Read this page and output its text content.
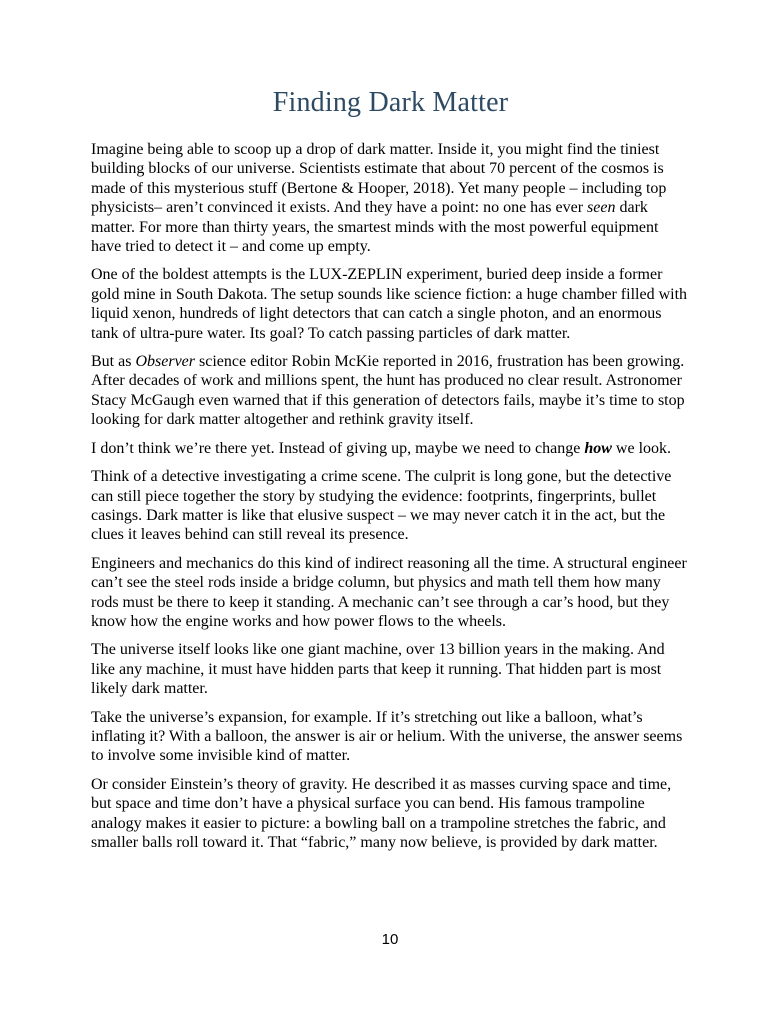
Finding Dark Matter

Imagine being able to scoop up a drop of dark matter. Inside it, you might find the tiniest building blocks of our universe. Scientists estimate that about 70 percent of the cosmos is made of this mysterious stuff (Bertone & Hooper, 2018). Yet many people – including top physicists– aren’t convinced it exists. And they have a point: no one has ever seen dark matter. For more than thirty years, the smartest minds with the most powerful equipment have tried to detect it – and come up empty.

One of the boldest attempts is the LUX-ZEPLIN experiment, buried deep inside a former gold mine in South Dakota. The setup sounds like science fiction: a huge chamber filled with liquid xenon, hundreds of light detectors that can catch a single photon, and an enormous tank of ultra-pure water. Its goal? To catch passing particles of dark matter.

But as Observer science editor Robin McKie reported in 2016, frustration has been growing. After decades of work and millions spent, the hunt has produced no clear result. Astronomer Stacy McGaugh even warned that if this generation of detectors fails, maybe it’s time to stop looking for dark matter altogether and rethink gravity itself.

I don’t think we’re there yet. Instead of giving up, maybe we need to change how we look.

Think of a detective investigating a crime scene. The culprit is long gone, but the detective can still piece together the story by studying the evidence: footprints, fingerprints, bullet casings. Dark matter is like that elusive suspect – we may never catch it in the act, but the clues it leaves behind can still reveal its presence.

Engineers and mechanics do this kind of indirect reasoning all the time. A structural engineer can’t see the steel rods inside a bridge column, but physics and math tell them how many rods must be there to keep it standing. A mechanic can’t see through a car’s hood, but they know how the engine works and how power flows to the wheels.

The universe itself looks like one giant machine, over 13 billion years in the making. And like any machine, it must have hidden parts that keep it running. That hidden part is most likely dark matter.

Take the universe’s expansion, for example. If it’s stretching out like a balloon, what’s inflating it? With a balloon, the answer is air or helium. With the universe, the answer seems to involve some invisible kind of matter.

Or consider Einstein’s theory of gravity. He described it as masses curving space and time, but space and time don’t have a physical surface you can bend. His famous trampoline analogy makes it easier to picture: a bowling ball on a trampoline stretches the fabric, and smaller balls roll toward it. That “fabric,” many now believe, is provided by dark matter.

10
